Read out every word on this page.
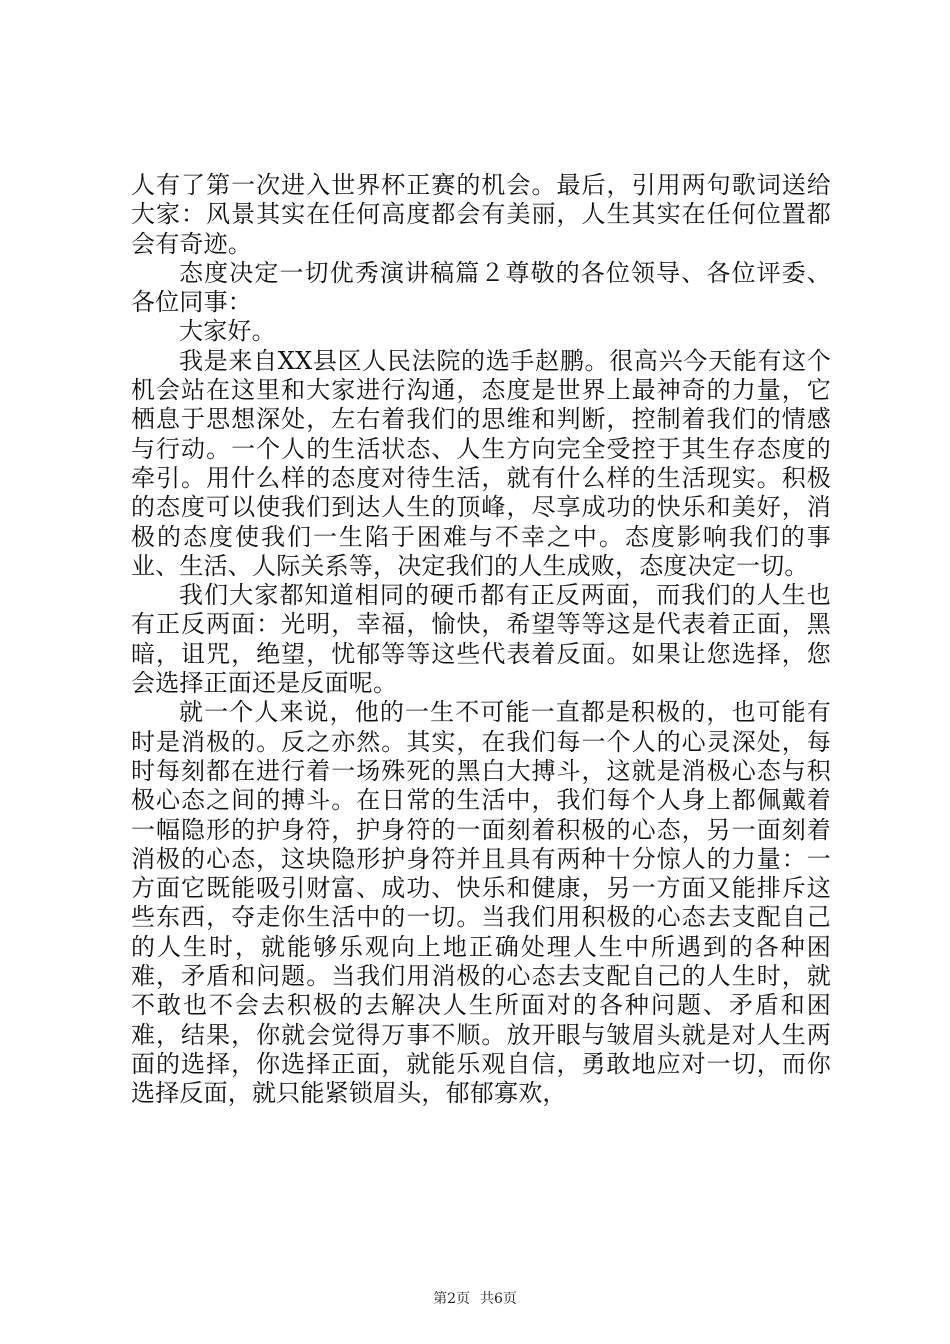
人有了第一次进入世界杯正赛的机会。最后，引用两句歌词送给大家：风景其实在任何高度都会有美丽，人生其实在任何位置都会有奇迹。

态度决定一切优秀演讲稿篇２尊敬的各位领导、各位评委、各位同事：

大家好。

我是来自XX县区人民法院的选手赵鹏。很高兴今天能有这个机会站在这里和大家进行沟通，态度是世界上最神奇的力量，它栖息于思想深处，左右着我们的思维和判断，控制着我们的情感与行动。一个人的生活状态、人生方向完全受控于其生存态度的牵引。用什么样的态度对待生活，就有什么样的生活现实。积极的态度可以使我们到达人生的顶峰，尽享成功的快乐和美好，消极的态度使我们一生陷于困难与不幸之中。态度影响我们的事业、生活、人际关系等，决定我们的人生成败，态度决定一切。

我们大家都知道相同的硬币都有正反两面，而我们的人生也有正反两面：光明，幸福，愉快，希望等等这是代表着正面，黑暗，诅咒，绝望，忧郁等等这些代表着反面。如果让您选择，您会选择正面还是反面呢。

就一个人来说，他的一生不可能一直都是积极的，也可能有时是消极的。反之亦然。其实，在我们每一个人的心灵深处，每时每刻都在进行着一场殊死的黑白大搏斗，这就是消极心态与积极心态之间的搏斗。在日常的生活中，我们每个人身上都佩戴着一幅隐形的护身符，护身符的一面刻着积极的心态，另一面刻着消极的心态，这块隐形护身符并且具有两种十分惊人的力量：一方面它既能吸引财富、成功、快乐和健康，另一方面又能排斥这些东西，夺走你生活中的一切。当我们用积极的心态去支配自己的人生时，就能够乐观向上地正确处理人生中所遇到的各种困难，矛盾和问题。当我们用消极的心态去支配自己的人生时，就不敢也不会去积极的去解决人生所面对的各种问题、矛盾和困难，结果，你就会觉得万事不顺。放开眼与皱眉头就是对人生两面的选择，你选择正面，就能乐观自信，勇敢地应对一切，而你选择反面，就只能紧锁眉头，郁郁寡欢，

第2页 共6页
